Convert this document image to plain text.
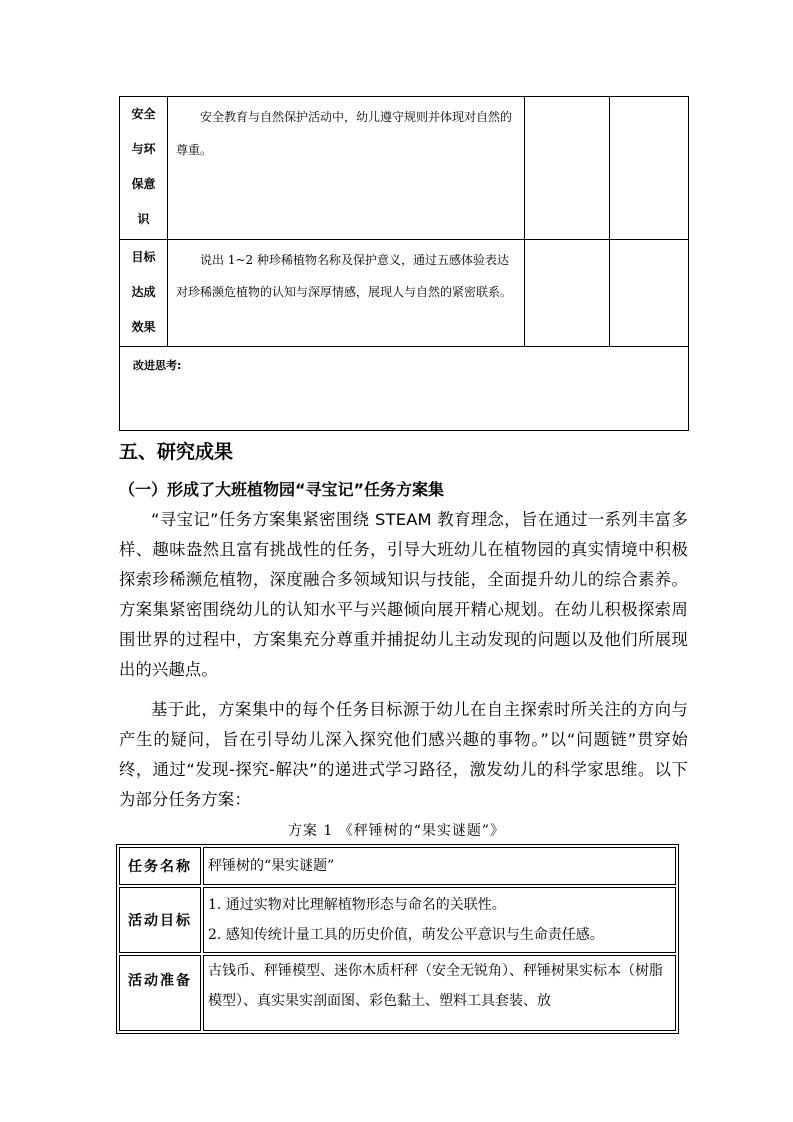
安全与环保意识	安全教育与自然保护活动中，幼儿遵守规则并体现对自然的尊重。		

目标达成效果	说出 1~2 种珍稀植物名称及保护意义，通过五感体验表达对珍稀濒危植物的认知与深厚情感，展现人与自然的紧密联系。		

改进思考:			
五、研究成果
（一）形成了大班植物园“寻宝记”任务方案集
“寻宝记”任务方案集紧密围绕 STEAM 教育理念，旨在通过一系列丰富多样、趣味盎然且富有挑战性的任务，引导大班幼儿在植物园的真实情境中积极探索珍稀濒危植物，深度融合多领域知识与技能，全面提升幼儿的综合素养。方案集紧密围绕幼儿的认知水平与兴趣倾向展开精心规划。在幼儿积极探索周围世界的过程中，方案集充分尊重并捕捉幼儿主动发现的问题以及他们所展现出的兴趣点。
基于此，方案集中的每个任务目标源于幼儿在自主探索时所关注的方向与产生的疑问，旨在引导幼儿深入探究他们感兴趣的事物。”以“问题链”贯穿始终，通过“发现-探究-解决”的递进式学习路径，激发幼儿的科学家思维。以下为部分任务方案：
方案 1 《秤锤树的“果实谜题”》
任务名称	秤锤树的“果实谜题”
活动目标	1. 通过实物对比理解植物形态与命名的关联性。
2. 感知传统计量工具的历史价值，萌发公平意识与生命责任感。

活动准备	古钱币、秤锤模型、迷你木质杆秤（安全无锐角）、秤锤树果实标本（树脂模型）、真实果实剖面图、彩色黏土、塑料工具套装、放
